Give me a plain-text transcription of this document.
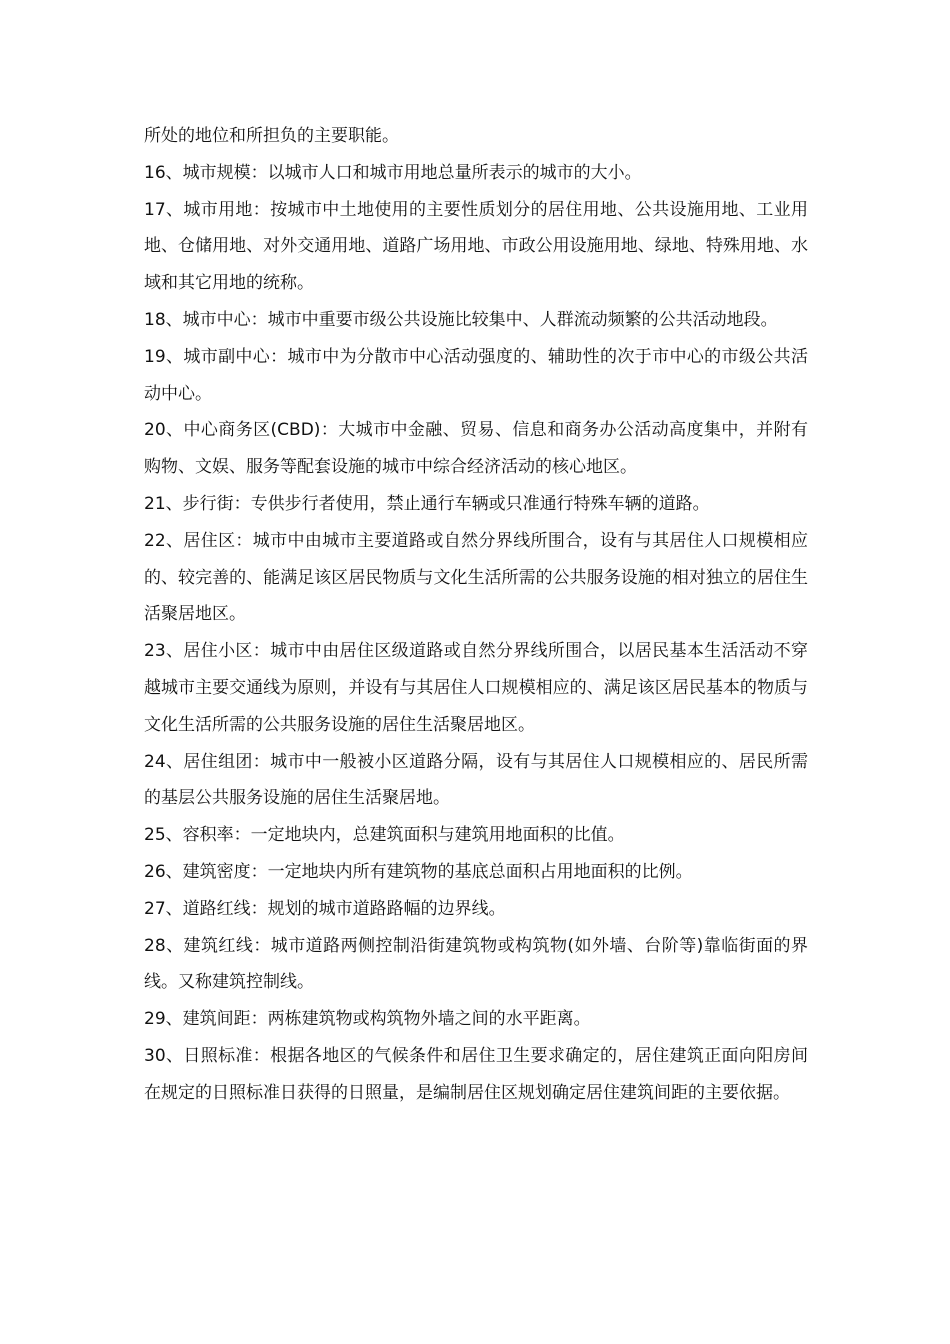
所处的地位和所担负的主要职能。

16、城市规模：以城市人口和城市用地总量所表示的城市的大小。

17、城市用地：按城市中土地使用的主要性质划分的居住用地、公共设施用地、工业用地、仓储用地、对外交通用地、道路广场用地、市政公用设施用地、绿地、特殊用地、水域和其它用地的统称。

18、城市中心：城市中重要市级公共设施比较集中、人群流动频繁的公共活动地段。

19、城市副中心：城市中为分散市中心活动强度的、辅助性的次于市中心的市级公共活动中心。

20、中心商务区(CBD)：大城市中金融、贸易、信息和商务办公活动高度集中，并附有购物、文娱、服务等配套设施的城市中综合经济活动的核心地区。

21、步行街：专供步行者使用，禁止通行车辆或只准通行特殊车辆的道路。

22、居住区：城市中由城市主要道路或自然分界线所围合，设有与其居住人口规模相应的、较完善的、能满足该区居民物质与文化生活所需的公共服务设施的相对独立的居住生活聚居地区。

23、居住小区：城市中由居住区级道路或自然分界线所围合，以居民基本生活活动不穿越城市主要交通线为原则，并设有与其居住人口规模相应的、满足该区居民基本的物质与文化生活所需的公共服务设施的居住生活聚居地区。

24、居住组团：城市中一般被小区道路分隔，设有与其居住人口规模相应的、居民所需的基层公共服务设施的居住生活聚居地。

25、容积率：一定地块内，总建筑面积与建筑用地面积的比值。

26、建筑密度：一定地块内所有建筑物的基底总面积占用地面积的比例。

27、道路红线：规划的城市道路路幅的边界线。

28、建筑红线：城市道路两侧控制沿街建筑物或构筑物(如外墙、台阶等)靠临街面的界线。又称建筑控制线。

29、建筑间距：两栋建筑物或构筑物外墙之间的水平距离。

30、日照标准：根据各地区的气候条件和居住卫生要求确定的，居住建筑正面向阳房间在规定的日照标准日获得的日照量，是编制居住区规划确定居住建筑间距的主要依据。
